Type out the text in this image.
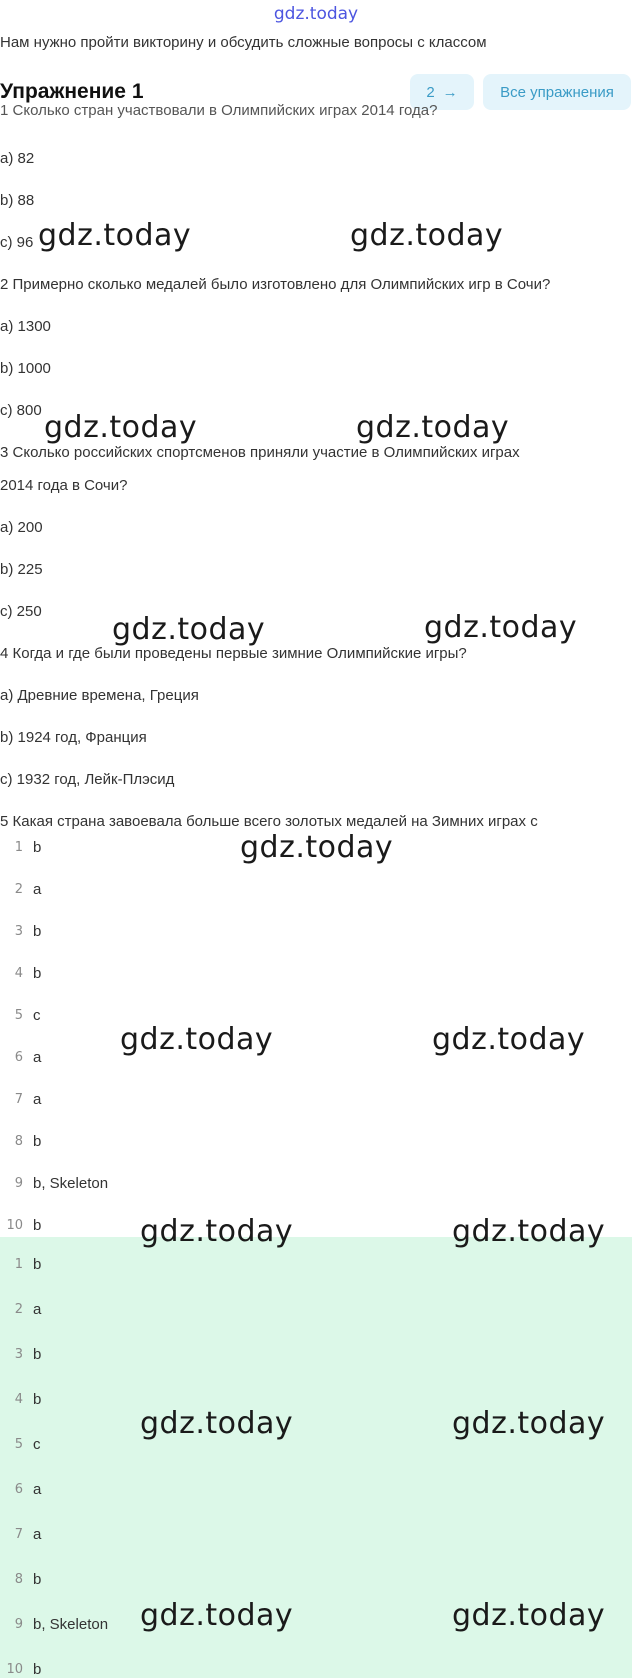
gdz.today
Нам нужно пройти викторину и обсудить сложные вопросы с классом
Упражнение 1	2 →	Все упражнения
1 Сколько стран участвовали в Олимпийских играх 2014 года?
a) 82
b) 88
c) 96
2 Примерно сколько медалей было изготовлено для Олимпийских игр в Сочи?
a) 1300
b) 1000
c) 800
3 Сколько российских спортсменов приняли участие в Олимпийских играх
2014 года в Сочи?
a) 200
b) 225
c) 250
4 Когда и где были проведены первые зимние Олимпийские игры?
a) Древние времена, Греция
b) 1924 год, Франция
c) 1932 год, Лейк-Плэсид
5 Какая страна завоевала больше всего золотых медалей на Зимних играх с
1 b
2 a
3 b
4 b
5 c
6 a
7 a
8 b
9 b, Skeleton
10 b
1 b
2 a
3 b
4 b
5 c
6 a
7 a
8 b
9 b, Skeleton
10 b
gdz.today	gdz.today
gdz.today	gdz.today
gdz.today	gdz.today
gdz.today
gdz.today	gdz.today
gdz.today	gdz.today
gdz.today	gdz.today
gdz.today	gdz.today
